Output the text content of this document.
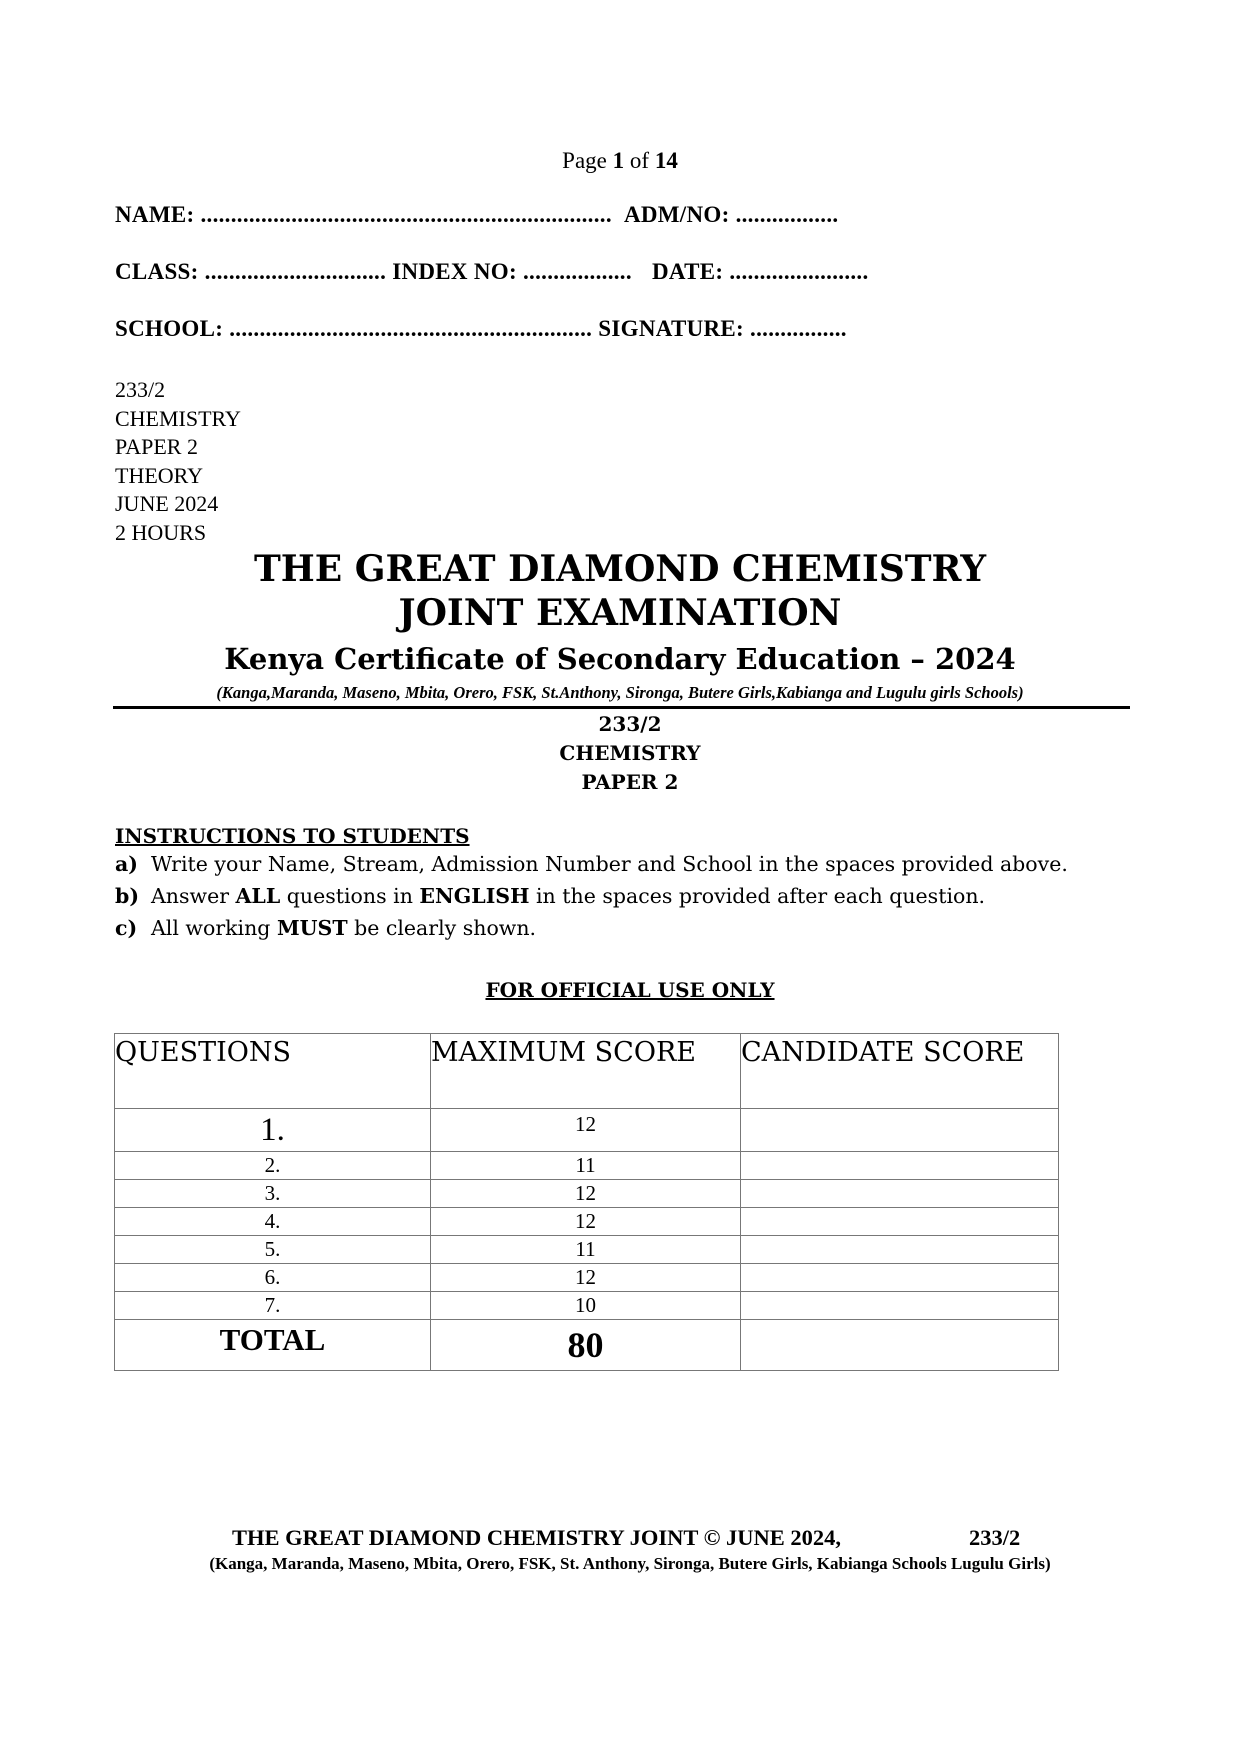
Page 1 of 14
NAME: .................................................................... ADM/NO: .................
CLASS: .............................. INDEX NO: .................. DATE: .......................
SCHOOL: ............................................................ SIGNATURE: ................
233/2
CHEMISTRY
PAPER 2
THEORY
JUNE 2024
2 HOURS
THE GREAT DIAMOND CHEMISTRY
JOINT EXAMINATION
Kenya Certificate of Secondary Education – 2024
(Kanga,Maranda, Maseno, Mbita, Orero, FSK, St.Anthony, Sironga, Butere Girls,Kabianga and Lugulu girls Schools)
233/2
CHEMISTRY
PAPER 2
INSTRUCTIONS TO STUDENTS
a) Write your Name, Stream, Admission Number and School in the spaces provided above.
b) Answer ALL questions in ENGLISH in the spaces provided after each question.
c) All working MUST be clearly shown.
FOR OFFICIAL USE ONLY
QUESTIONS	MAXIMUM SCORE	CANDIDATE SCORE
1.	12	
2.	11	
3.	12	
4.	12	
5.	11	
6.	12	
7.	10	
TOTAL	80	
THE GREAT DIAMOND CHEMISTRY JOINT © JUNE 2024,	233/2
(Kanga, Maranda, Maseno, Mbita, Orero, FSK, St. Anthony, Sironga, Butere Girls, Kabianga Schools Lugulu Girls)
